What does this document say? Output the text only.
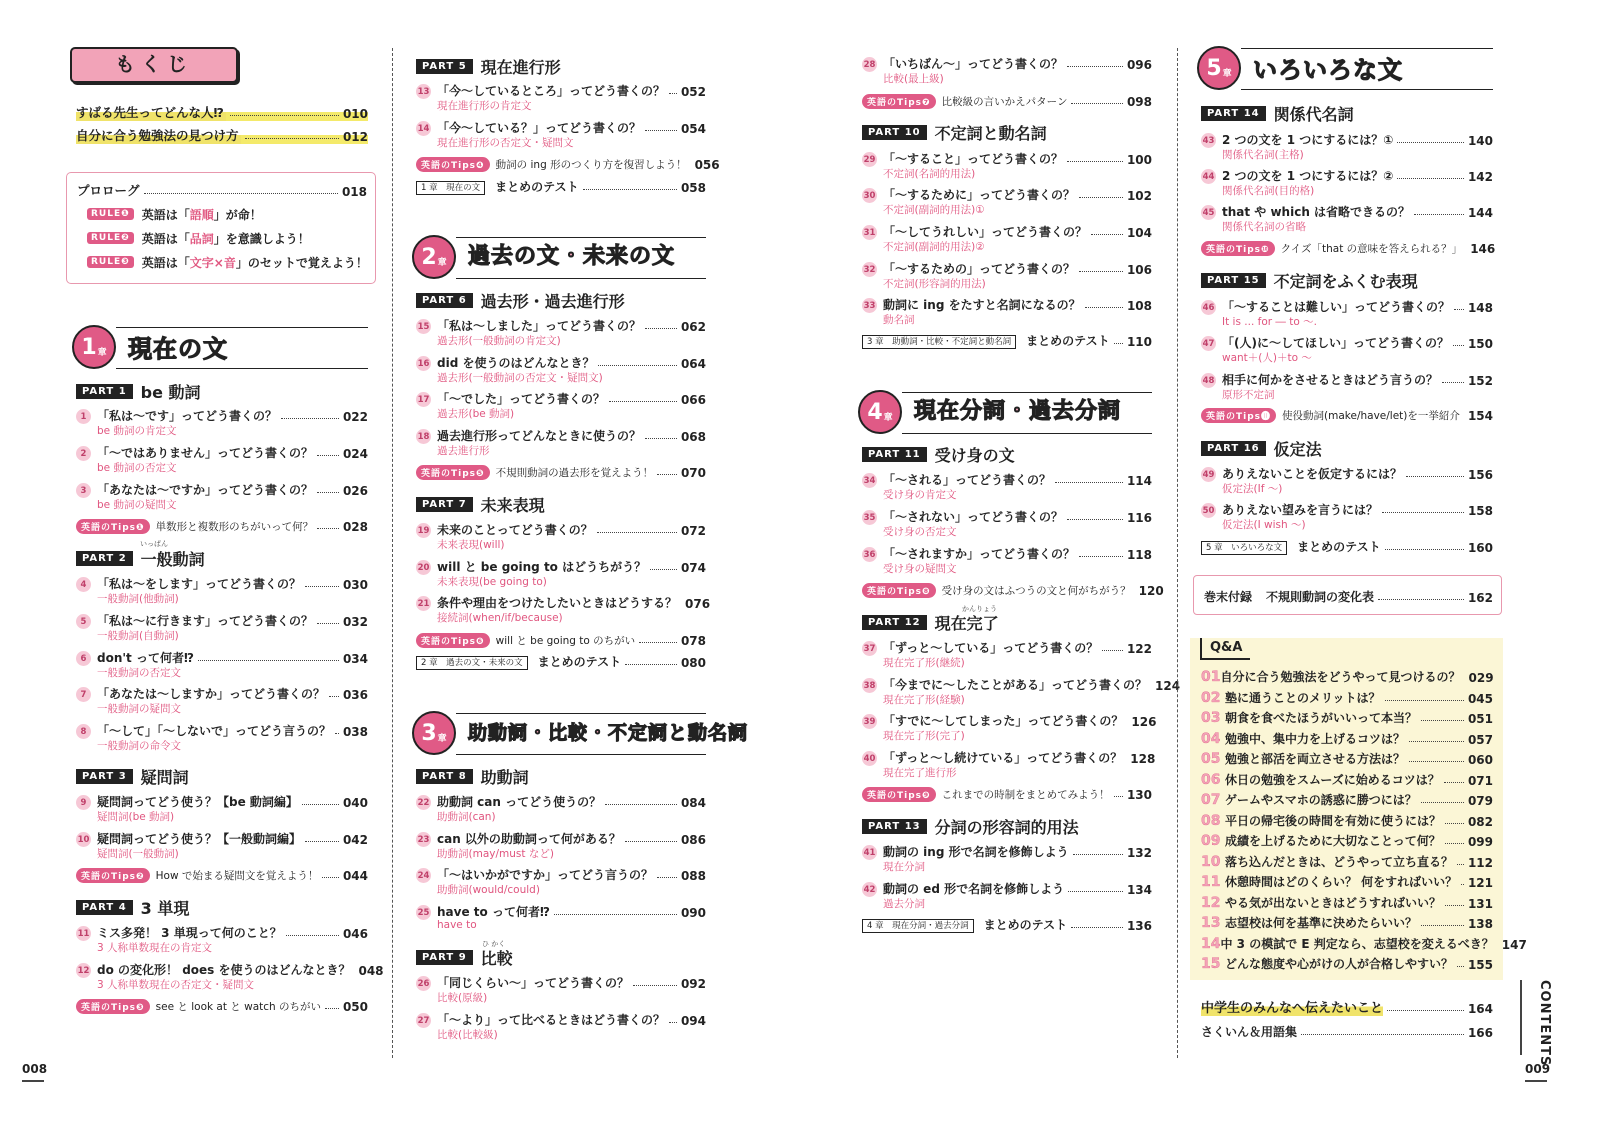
もくじ
すばる先生ってどんな人⁉	010
自分に合う勉強法の見つけ方	012
プロローグ	018
RULE❶	英語は「 語順 」が命！
RULE❷	英語は「 品詞 」を意識しよう！
RULE❸	英語は「 文字×音 」のセットで覚えよう！
1 章 現在の文
PART 1 be 動詞
1 「私は〜です」ってどう書くの？	022
be 動詞の肯定文
2 「〜ではありません」ってどう書くの？ 024
be 動詞の否定文
3 「あなたは〜ですか」ってどう書くの？ 026
be 動詞の疑問文
英語のTips❶	単数形と複数形のちがいって何？ 028
いっぱん
PART 2 一般動詞
4 「私は〜をします」ってどう書くの？	030
一般動詞(他動詞)
5 「私は〜に行きます」ってどう書くの？ 032
一般動詞(自動詞)
6 don't って何者⁉	034
一般動詞の否定文
7 「あなたは〜しますか」ってどう書くの？ 036
一般動詞の疑問文
8 「〜して」「〜しないで」ってどう言うの？ 038
一般動詞の命令文
PART 3 疑問詞
9 疑問詞ってどう使う？【be 動詞編】	040
疑問詞(be 動詞)
10 疑問詞ってどう使う？【一般動詞編】	042
疑問詞(一般動詞)
英語のTips❷	How で始まる疑問文を覚えよう！ 044
PART 4 3 単現
11 ミス多発！ 3 単現って何のこと？	046
3 人称単数現在の肯定文
12 do の変化形！ does を使うのはどんなとき？ 048
3 人称単数現在の否定文・疑問文
英語のTips❸	see と look at と watch のちがい 050
PART 5 現在進行形
13 「今〜しているところ」ってどう書くの？ 052
現在進行形の肯定文
14 「今〜している？」ってどう書くの？	054
現在進行形の否定文・疑問文
英語のTips❹	動詞の ing 形のつくり方を復習しよう！ 056
1 章　現在の文	まとめのテスト	058
2 章 過去の文・未来の文
PART 6 過去形・過去進行形
15 「私は〜しました」ってどう書くの？	062
過去形(一般動詞の肯定文)
16 did を使うのはどんなとき？	064
過去形(一般動詞の否定文・疑問文)
17 「〜でした」ってどう書くの？	066
過去形(be 動詞)
18 過去進行形ってどんなときに使うの？	068
過去進行形
英語のTips❺	不規則動詞の過去形を覚えよう！ 070
PART 7 未来表現
19 未来のことってどう書くの？	072
未来表現(will)
20 will と be going to はどうちがう？	074
未来表現(be going to)
21 条件や理由をつけたしたいときはどうする？ 076
接続詞(when/if/because)
英語のTips❻	will と be going to のちがい	078
2 章　過去の文・未来の文	まとめのテスト	080
3 章 助動詞・比較・不定詞と動名詞
PART 8 助動詞
22 助動詞 can ってどう使うの？	084
助動詞(can)
23 can 以外の助動詞って何がある？	086
助動詞(may/must など)
24 「〜はいかがですか」ってどう言うの？ 088
助動詞(would/could)
25 have to って何者⁉	090
have to
ひ かく
PART 9 比較
26 「同じくらい〜」ってどう書くの？	092
比較(原級)
27 「〜より」って比べるときはどう書くの？ 094
比較(比較級)
008
28 「いちばん〜」ってどう書くの？	096
比較(最上級)
英語のTips❼	比較級の言いかえパターン	098
PART 10 不定詞と動名詞
29 「〜すること」ってどう書くの？	100
不定詞(名詞的用法)
30 「〜するために」ってどう書くの？	102
不定詞(副詞的用法)①
31 「〜してうれしい」ってどう書くの？	104
不定詞(副詞的用法)②
32 「〜するための」ってどう書くの？	106
不定詞(形容詞的用法)
33 動詞に ing をたすと名詞になるの？	108
動名詞
3 章　助動詞・比較・不定詞と動名詞	まとめのテスト 110
4 章 現在分詞・過去分詞
PART 11 受け身の文
34 「〜される」ってどう書くの？	114
受け身の肯定文
35 「〜されない」ってどう書くの？	116
受け身の否定文
36 「〜されますか」ってどう書くの？	118
受け身の疑問文
英語のTips❽	受け身の文はふつうの文と何がちがう？ 120
かんりょう
PART 12 現在完了
37 「ずっと〜している」ってどう書くの？ 122
現在完了形(継続)
38 「今までに〜したことがある」ってどう書くの？ 124
現在完了形(経験)
39 「すでに〜してしまった」ってどう書くの？ 126
現在完了形(完了)
40 「ずっと〜し続けている」ってどう書くの？ 128
現在完了進行形
英語のTips❾	これまでの時制をまとめてみよう！ 130
PART 13 分詞の形容詞的用法
41 動詞の ing 形で名詞を修飾しよう	132
現在分詞
42 動詞の ed 形で名詞を修飾しよう	134
過去分詞
4 章　現在分詞・過去分詞	まとめのテスト	136
5 章 いろいろな文
PART 14 関係代名詞
43 2 つの文を 1 つにするには？①	140
関係代名詞(主格)
44 2 つの文を 1 つにするには？②	142
関係代名詞(目的格)
45 that や which は省略できるの？	144
関係代名詞の省略
英語のTips❿	クイズ「that の意味を答えられる？」 146
PART 15 不定詞をふくむ表現
46 「〜することは難しい」ってどう書くの？ 148
It is ... for ― to 〜.
47 「(人)に〜してほしい」ってどう書くの？ 150
want＋(人)＋to 〜
48 相手に何かをさせるときはどう言うの？ 152
原形不定詞
英語のTips⓫	使役動詞(make/have/let)を一挙紹介 154
PART 16 仮定法
49 ありえないことを仮定するには？	156
仮定法(If 〜)
50 ありえない望みを言うには？	158
仮定法(I wish 〜)
5 章　いろいろな文	まとめのテスト	160
巻末付録 不規則動詞の変化表	162
Q&A
01 自分に合う勉強法をどうやって見つけるの？ 029
02 塾に通うことのメリットは？	045
03 朝食を食べたほうがいいって本当？	051
04 勉強中、集中力を上げるコツは？	057
05 勉強と部活を両立させる方法は？	060
06 休日の勉強をスムーズに始めるコツは？ 071
07 ゲームやスマホの誘惑に勝つには？	079
08 平日の帰宅後の時間を有効に使うには？ 082
09 成績を上げるために大切なことって何？ 099
10 落ち込んだときは、どうやって立ち直る？ 112
11 休憩時間はどのくらい？ 何をすればいい？ 121
12 やる気が出ないときはどうすればいい？ 131
13 志望校は何を基準に決めたらいい？	138
14 中 3 の模試で E 判定なら、志望校を変えるべき？ 147
15 どんな態度や心がけの人が合格しやすい？ 155
中学生のみんなへ伝えたいこと	164
さくいん＆用語集	166	CONTENTS
009
